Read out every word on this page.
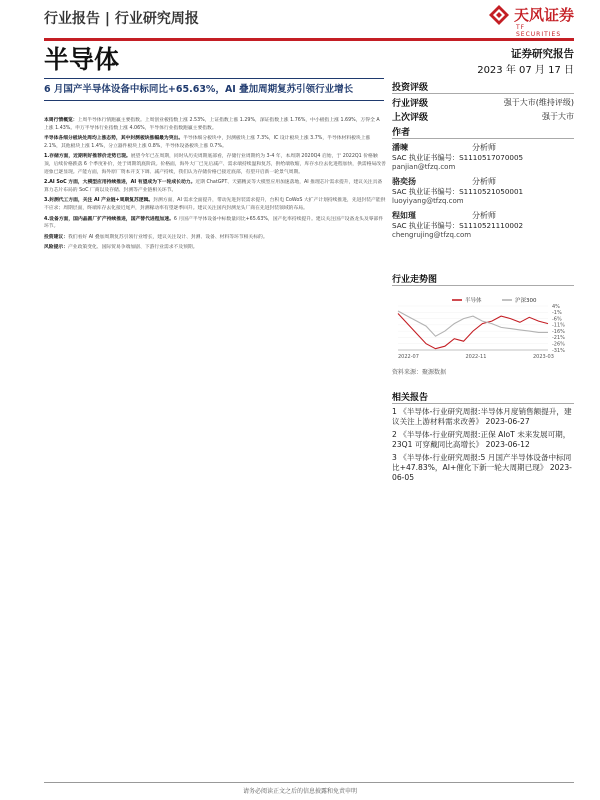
行业报告 | 行业研究周报	天风证券
TF SECURITIES
半导体	证券研究报告
2023 年 07 月 17 日
6 月国产半导体设备中标同比+65.63%，AI 叠加周期复苏引领行业增长

本周行情概览：上周半导体行情跑赢主要指数。上周创业板指数上涨 2.53%，上证指数上涨 1.29%，深证指数上涨 1.76%，中小板指上涨 1.69%，万得全 A 上涨 1.43%。申万半导体行业指数上涨 4.06%，半导体行业指数跑赢主要指数。

半导体各细分板块处周均上涨态势，其中封测板块涨幅最为突出。半导体细分板块中，封测板块上涨 7.3%，IC 设计板块上涨 3.7%，半导体材料板块上涨 2.1%，其他板块上涨 1.4%，分立器件板块上涨 0.8%，半导体设备板块上涨 0.7%。

1.存储方面，近期利好推荐价走势已现。展望今年已在周期，同时从历史周期底部看，存储行业周期约为 3-4 年，本周期 2020Q4 启始，于 2022Q1 价格触顶，后续价格跌落 6 个季度补价，处于周期筑底阶段。价格面，海外大厂已先后减产、需求端持续温和复苏，供给端收缩，库存水位去化进程加快，供需格局改善迹象已逐显现。产能方面，海外原厂资本开支下调、减产持续，我们认为存储价格已接近底部，有望开启新一轮景气周期。

2.AI SoC 方面，大模型应用持续推进，AI 有望成为下一轮成长动力。近期 ChatGPT、天猫精灵等大模型应用加速落地，AI 推理芯片需求提升，建议关注具备算力芯片布局的 SoC 厂商以及存储、封测等产业链相关环节。

3.封测代工方面，关注 AI 产业链+周期复苏逻辑。封测方面，AI 需求全面提升，带动先进封装需求提升，台积电 CoWoS 大扩产计划持续推进，先进封装产能供不应求；周期层面，终端库存去化接近尾声，封测稼动率有望逐季回升。建议关注国内封测龙头厂商在先进封装领域的布局。

4.设备方面，国内晶圆厂扩产持续推进，国产替代进程加速。6 月国产半导体设备中标数量同比+65.63%，国产化率持续提升。建议关注国产设备龙头及零部件环节。

投资建议：我们看好 AI 叠加周期复苏引领行业增长，建议关注设计、封测、设备、材料等环节相关标的。

风险提示：产业政策变化、国际贸易争端加剧、下游行业需求不及预期。

投资评级
行业评级	强于大市(维持评级)
上次评级	强于大市
作者
潘暕	分析师
SAC 执业证书编号：S1110517070005
panjian@tfzq.com
骆奕扬	分析师
SAC 执业证书编号：S1110521050001
luoyiyang@tfzq.com
程如瑾	分析师
SAC 执业证书编号：S1110521110002
chengrujing@tfzq.com
行业走势图
半导体	沪深300
4%
-1%
-6%
-11%
-16%
-21%
-26%
-31%
2022-07	2022-11	2023-03
资料来源：聚源数据
相关报告
1 《半导体-行业研究周报:半导体月度销售额提升，建议关注上游材料需求改善》 2023-06-27
2 《半导体-行业研究周报:正保 AIoT 未来发展可期，23Q1 可穿戴同比高增长》 2023-06-12
3 《半导体-行业研究周报:5 月国产半导体设备中标同比+47.83%，AI+催化下新一轮大周期已现》 2023-06-05
请务必阅读正文之后的信息披露和免责申明
